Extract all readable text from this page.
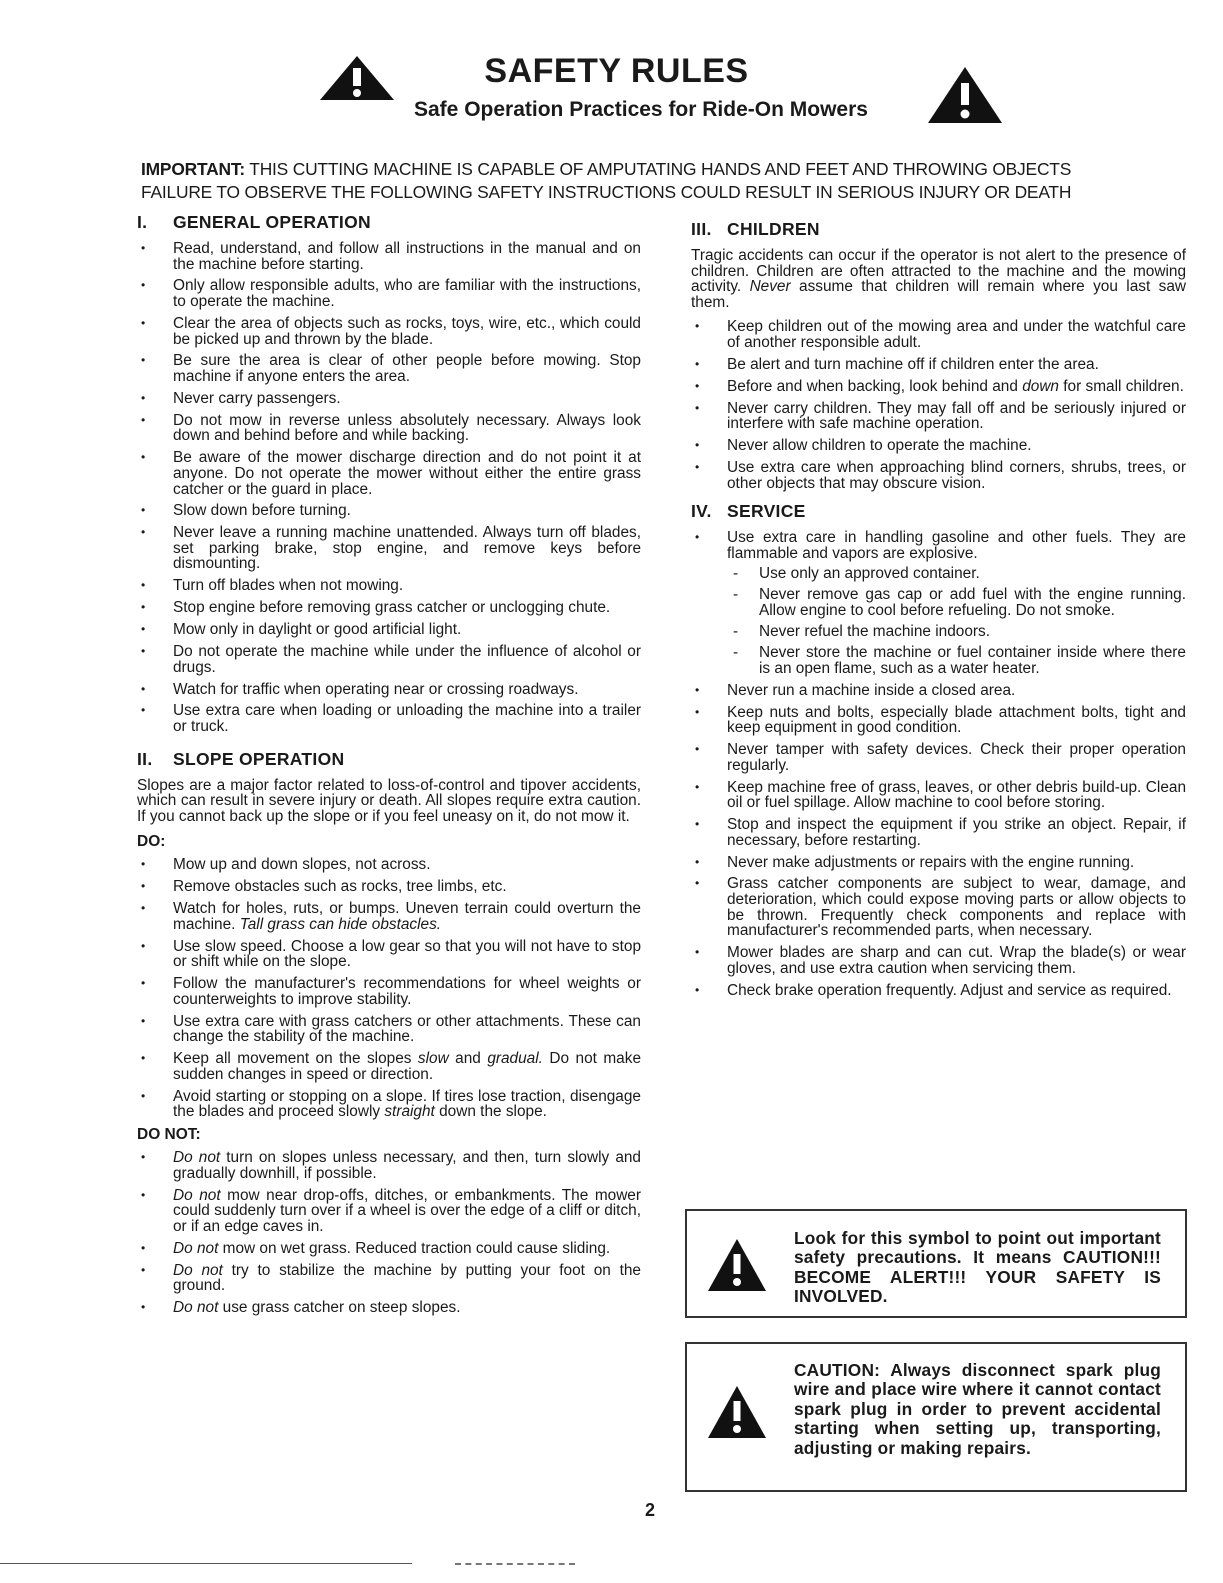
SAFETY RULES
Safe Operation Practices for Ride-On Mowers
IMPORTANT: THIS CUTTING MACHINE IS CAPABLE OF AMPUTATING HANDS AND FEET AND THROWING OBJECTS
FAILURE TO OBSERVE THE FOLLOWING SAFETY INSTRUCTIONS COULD RESULT IN SERIOUS INJURY OR DEATH
I. GENERAL OPERATION
• Read, understand, and follow all instructions in the manual and on the machine before starting.
• Only allow responsible adults, who are familiar with the instructions, to operate the machine.
• Clear the area of objects such as rocks, toys, wire, etc., which could be picked up and thrown by the blade.
• Be sure the area is clear of other people before mowing. Stop machine if anyone enters the area.
• Never carry passengers.
• Do not mow in reverse unless absolutely necessary. Always look down and behind before and while backing.
• Be aware of the mower discharge direction and do not point it at anyone. Do not operate the mower without either the entire grass catcher or the guard in place.
• Slow down before turning.
• Never leave a running machine unattended. Always turn off blades, set parking brake, stop engine, and remove keys before dismounting.
• Turn off blades when not mowing.
• Stop engine before removing grass catcher or unclogging chute.
• Mow only in daylight or good artificial light.
• Do not operate the machine while under the influence of alcohol or drugs.
• Watch for traffic when operating near or crossing roadways.
• Use extra care when loading or unloading the machine into a trailer or truck.
II. SLOPE OPERATION

Slopes are a major factor related to loss-of-control and tipover accidents, which can result in severe injury or death. All slopes require extra caution. If you cannot back up the slope or if you feel uneasy on it, do not mow it.

DO:
• Mow up and down slopes, not across.
• Remove obstacles such as rocks, tree limbs, etc.
• Watch for holes, ruts, or bumps. Uneven terrain could overturn the machine. Tall grass can hide obstacles.
• Use slow speed. Choose a low gear so that you will not have to stop or shift while on the slope.
• Follow the manufacturer's recommendations for wheel weights or counterweights to improve stability.
• Use extra care with grass catchers or other attachments. These can change the stability of the machine.
• Keep all movement on the slopes slow and gradual. Do not make sudden changes in speed or direction.
• Avoid starting or stopping on a slope. If tires lose traction, disengage the blades and proceed slowly straight down the slope.
DO NOT:
• Do not turn on slopes unless necessary, and then, turn slowly and gradually downhill, if possible.
• Do not mow near drop-offs, ditches, or embankments. The mower could suddenly turn over if a wheel is over the edge of a cliff or ditch, or if an edge caves in.
• Do not mow on wet grass. Reduced traction could cause sliding.
• Do not try to stabilize the machine by putting your foot on the ground.
• Do not use grass catcher on steep slopes.
III. CHILDREN

Tragic accidents can occur if the operator is not alert to the presence of children. Children are often attracted to the machine and the mowing activity. Never assume that children will remain where you last saw them.

• Keep children out of the mowing area and under the watchful care of another responsible adult.
• Be alert and turn machine off if children enter the area.
• Before and when backing, look behind and down for small children.
• Never carry children. They may fall off and be seriously injured or interfere with safe machine operation.
• Never allow children to operate the machine.
• Use extra care when approaching blind corners, shrubs, trees, or other objects that may obscure vision.
IV. SERVICE
• Use extra care in handling gasoline and other fuels. They are flammable and vapors are explosive.
- Use only an approved container.
- Never remove gas cap or add fuel with the engine running. Allow engine to cool before refueling. Do not smoke.
- Never refuel the machine indoors.
- Never store the machine or fuel container inside where there is an open flame, such as a water heater.
• Never run a machine inside a closed area.
• Keep nuts and bolts, especially blade attachment bolts, tight and keep equipment in good condition.
• Never tamper with safety devices. Check their proper operation regularly.
• Keep machine free of grass, leaves, or other debris build-up. Clean oil or fuel spillage. Allow machine to cool before storing.
• Stop and inspect the equipment if you strike an object. Repair, if necessary, before restarting.
• Never make adjustments or repairs with the engine running.
• Grass catcher components are subject to wear, damage, and deterioration, which could expose moving parts or allow objects to be thrown. Frequently check components and replace with manufacturer's recommended parts, when necessary.
• Mower blades are sharp and can cut. Wrap the blade(s) or wear gloves, and use extra caution when servicing them.
• Check brake operation frequently. Adjust and service as required.
Look for this symbol to point out important safety precautions. It means CAUTION!!! BECOME ALERT!!! YOUR SAFETY IS INVOLVED.
CAUTION: Always disconnect spark plug wire and place wire where it cannot contact spark plug in order to prevent accidental starting when setting up, transporting, adjusting or making repairs.
2
